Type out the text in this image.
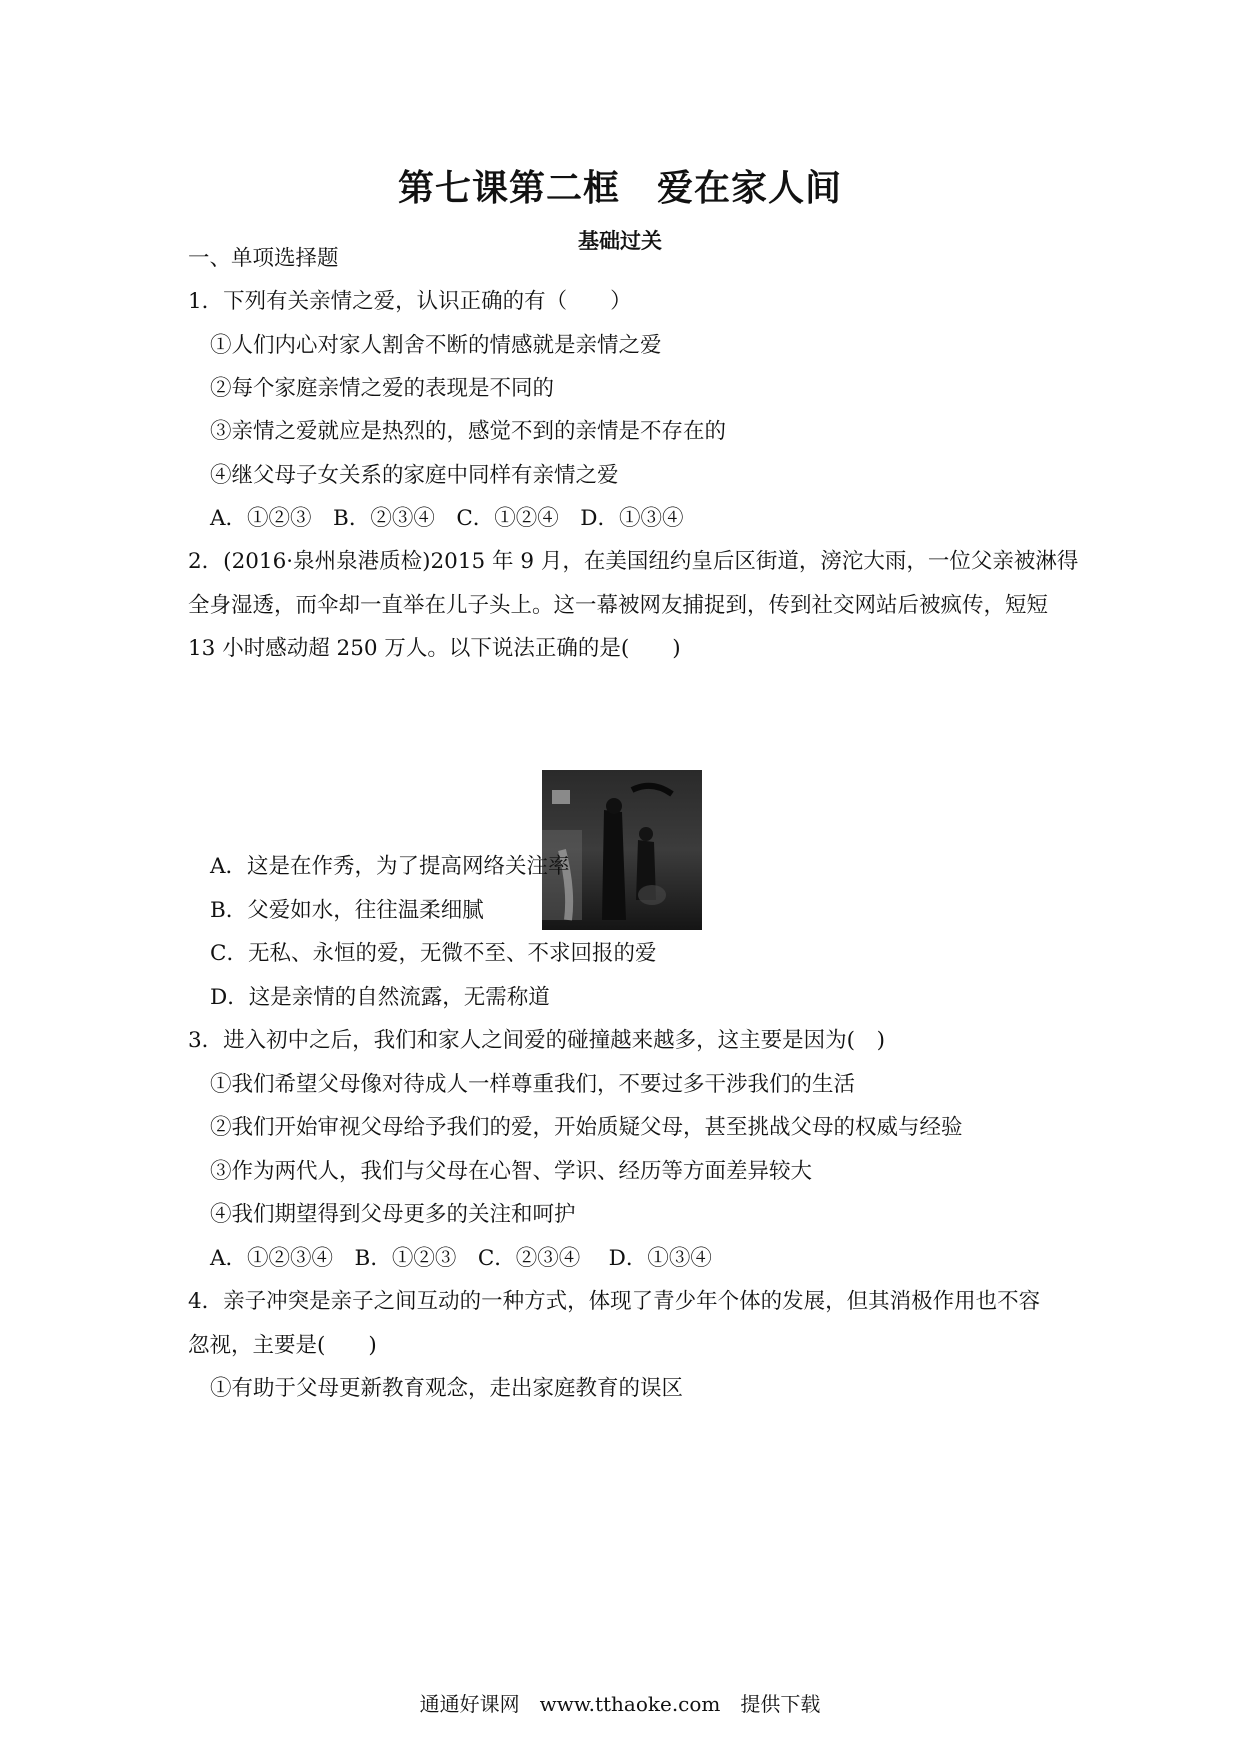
第七课第二框　爱在家人间
基础过关
一、单项选择题
1．下列有关亲情之爱，认识正确的有（　　）
①人们内心对家人割舍不断的情感就是亲情之爱
②每个家庭亲情之爱的表现是不同的
③亲情之爱就应是热烈的，感觉不到的亲情是不存在的
④继父母子女关系的家庭中同样有亲情之爱
A．①②③　B．②③④　C．①②④　D．①③④
2．(2016·泉州泉港质检)2015 年 9 月，在美国纽约皇后区街道，滂沱大雨，一位父亲被淋得
全身湿透，而伞却一直举在儿子头上。这一幕被网友捕捉到，传到社交网站后被疯传，短短
13 小时感动超 250 万人。以下说法正确的是(　　)
A．这是在作秀，为了提高网络关注率
B．父爱如水，往往温柔细腻
C．无私、永恒的爱，无微不至、不求回报的爱
D．这是亲情的自然流露，无需称道
3．进入初中之后，我们和家人之间爱的碰撞越来越多，这主要是因为(　)
①我们希望父母像对待成人一样尊重我们，不要过多干涉我们的生活
②我们开始审视父母给予我们的爱，开始质疑父母，甚至挑战父母的权威与经验
③作为两代人，我们与父母在心智、学识、经历等方面差异较大
④我们期望得到父母更多的关注和呵护
A．①②③④　B．①②③　C．②③④　 D．①③④
4．亲子冲突是亲子之间互动的一种方式，体现了青少年个体的发展，但其消极作用也不容
忽视，主要是(　　)
①有助于父母更新教育观念，走出家庭教育的误区
通通好课网　www.tthaoke.com　提供下载
